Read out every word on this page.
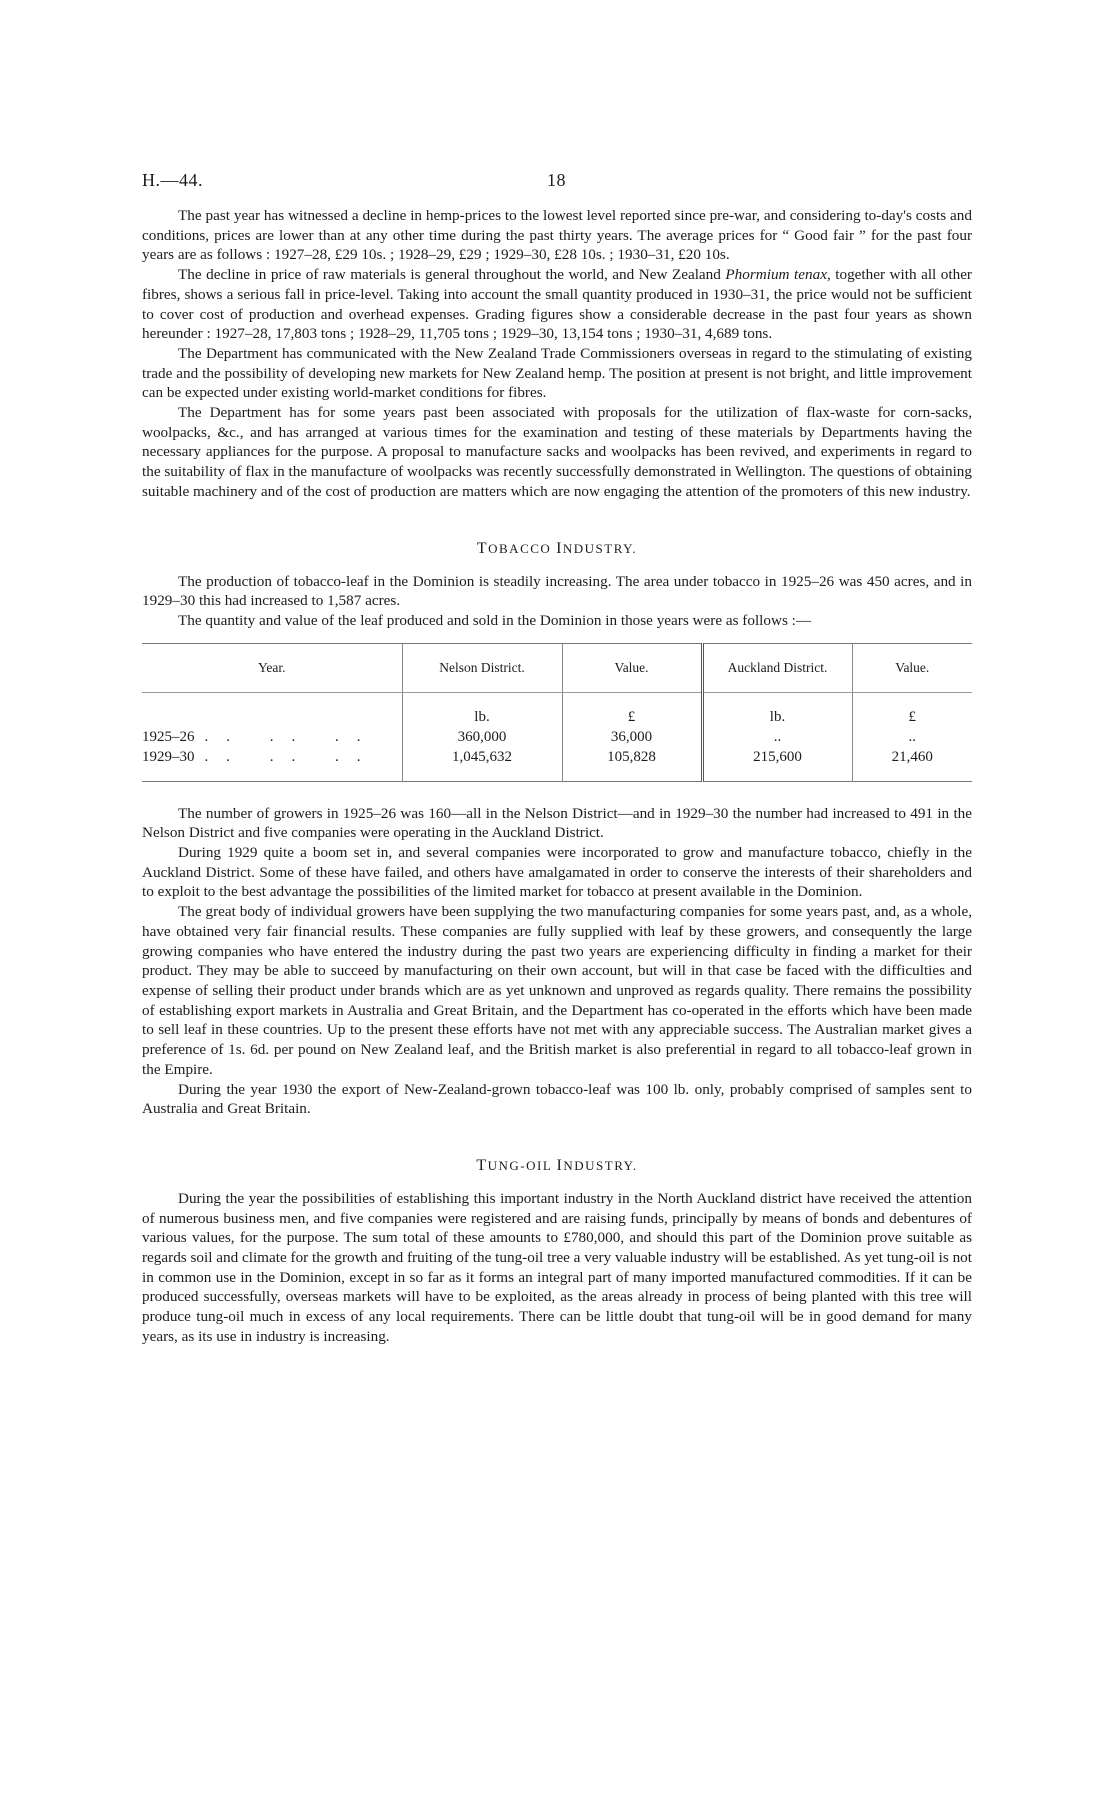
H.—44.	18

The past year has witnessed a decline in hemp-prices to the lowest level reported since pre-war, and considering to-day's costs and conditions, prices are lower than at any other time during the past thirty years. The average prices for “ Good fair ” for the past four years are as follows : 1927–28, £29 10s. ; 1928–29, £29 ; 1929–30, £28 10s. ; 1930–31, £20 10s.

The decline in price of raw materials is general throughout the world, and New Zealand Phormium tenax, together with all other fibres, shows a serious fall in price-level. Taking into account the small quantity produced in 1930–31, the price would not be sufficient to cover cost of production and overhead expenses. Grading figures show a considerable decrease in the past four years as shown hereunder : 1927–28, 17,803 tons ; 1928–29, 11,705 tons ; 1929–30, 13,154 tons ; 1930–31, 4,689 tons.

The Department has communicated with the New Zealand Trade Commissioners overseas in regard to the stimulating of existing trade and the possibility of developing new markets for New Zealand hemp. The position at present is not bright, and little improvement can be expected under existing world-market conditions for fibres.

The Department has for some years past been associated with proposals for the utilization of flax-waste for corn-sacks, woolpacks, &c., and has arranged at various times for the examination and testing of these materials by Departments having the necessary appliances for the purpose. A proposal to manufacture sacks and woolpacks has been revived, and experiments in regard to the suitability of flax in the manufacture of woolpacks was recently successfully demonstrated in Wellington. The questions of obtaining suitable machinery and of the cost of production are matters which are now engaging the attention of the promoters of this new industry.

TOBACCO INDUSTRY.

The production of tobacco-leaf in the Dominion is steadily increasing. The area under tobacco in 1925–26 was 450 acres, and in 1929–30 this had increased to 1,587 acres.

The quantity and value of the leaf produced and sold in the Dominion in those years were as follows :—

Year.	Nelson District.	Value.	Auckland District.	Value.
	lb.	£	lb.	£
1925–26 .. .. ..	360,000	36,000	..	..
1929–30 .. .. ..	1,045,632	105,828	215,600	21,460

The number of growers in 1925–26 was 160—all in the Nelson District—and in 1929–30 the number had increased to 491 in the Nelson District and five companies were operating in the Auckland District.

During 1929 quite a boom set in, and several companies were incorporated to grow and manufacture tobacco, chiefly in the Auckland District. Some of these have failed, and others have amalgamated in order to conserve the interests of their shareholders and to exploit to the best advantage the possibilities of the limited market for tobacco at present available in the Dominion.

The great body of individual growers have been supplying the two manufacturing companies for some years past, and, as a whole, have obtained very fair financial results. These companies are fully supplied with leaf by these growers, and consequently the large growing companies who have entered the industry during the past two years are experiencing difficulty in finding a market for their product. They may be able to succeed by manufacturing on their own account, but will in that case be faced with the difficulties and expense of selling their product under brands which are as yet unknown and unproved as regards quality. There remains the possibility of establishing export markets in Australia and Great Britain, and the Department has co-operated in the efforts which have been made to sell leaf in these countries. Up to the present these efforts have not met with any appreciable success. The Australian market gives a preference of 1s. 6d. per pound on New Zealand leaf, and the British market is also preferential in regard to all tobacco-leaf grown in the Empire.

During the year 1930 the export of New-Zealand-grown tobacco-leaf was 100 lb. only, probably comprised of samples sent to Australia and Great Britain.

TUNG-OIL INDUSTRY.

During the year the possibilities of establishing this important industry in the North Auckland district have received the attention of numerous business men, and five companies were registered and are raising funds, principally by means of bonds and debentures of various values, for the purpose. The sum total of these amounts to £780,000, and should this part of the Dominion prove suitable as regards soil and climate for the growth and fruiting of the tung-oil tree a very valuable industry will be established. As yet tung-oil is not in common use in the Dominion, except in so far as it forms an integral part of many imported manufactured commodities. If it can be produced successfully, overseas markets will have to be exploited, as the areas already in process of being planted with this tree will produce tung-oil much in excess of any local requirements. There can be little doubt that tung-oil will be in good demand for many years, as its use in industry is increasing.
